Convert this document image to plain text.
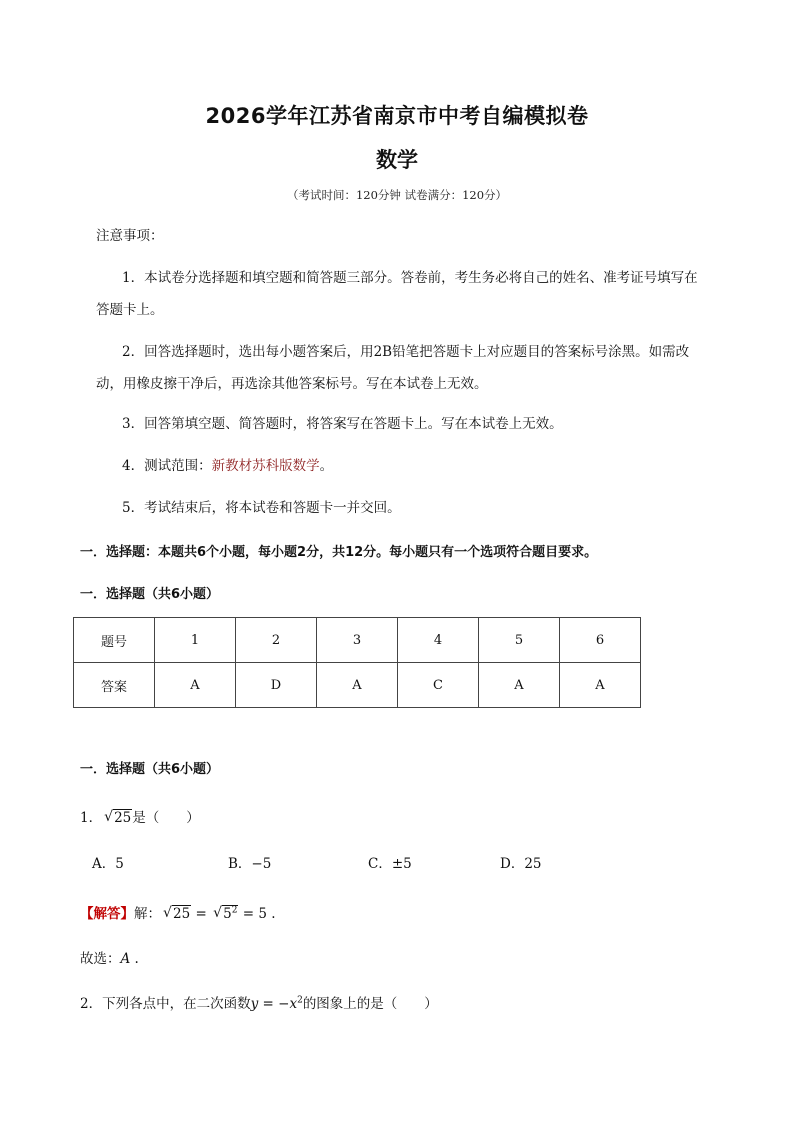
2026学年江苏省南京市中考自编模拟卷
数学
（考试时间：120分钟 试卷满分：120分）
注意事项：
1．本试卷分选择题和填空题和简答题三部分。答卷前，考生务必将自己的姓名、准考证号填写在
答题卡上。
2．回答选择题时，选出每小题答案后，用2B铅笔把答题卡上对应题目的答案标号涂黑。如需改
动，用橡皮擦干净后，再选涂其他答案标号。写在本试卷上无效。
3．回答第填空题、简答题时，将答案写在答题卡上。写在本试卷上无效。
4．测试范围：新教材苏科版数学。
5．考试结束后，将本试卷和答题卡一并交回。
一．选择题：本题共6个小题，每小题2分，共12分。每小题只有一个选项符合题目要求。
一．选择题（共6小题）
题号	1	2	3	4	5	6
答案	A	D	A	C	A	A
一．选择题（共6小题）
1． √ 25是（　　）
A．5	B．−5	C．±5	D．25
【解答】解： √ 25 = √ $5^2 = 5$ .
故选：A .
2．下列各点中，在二次函数$y = -x^2$的图象上的是（　　）
